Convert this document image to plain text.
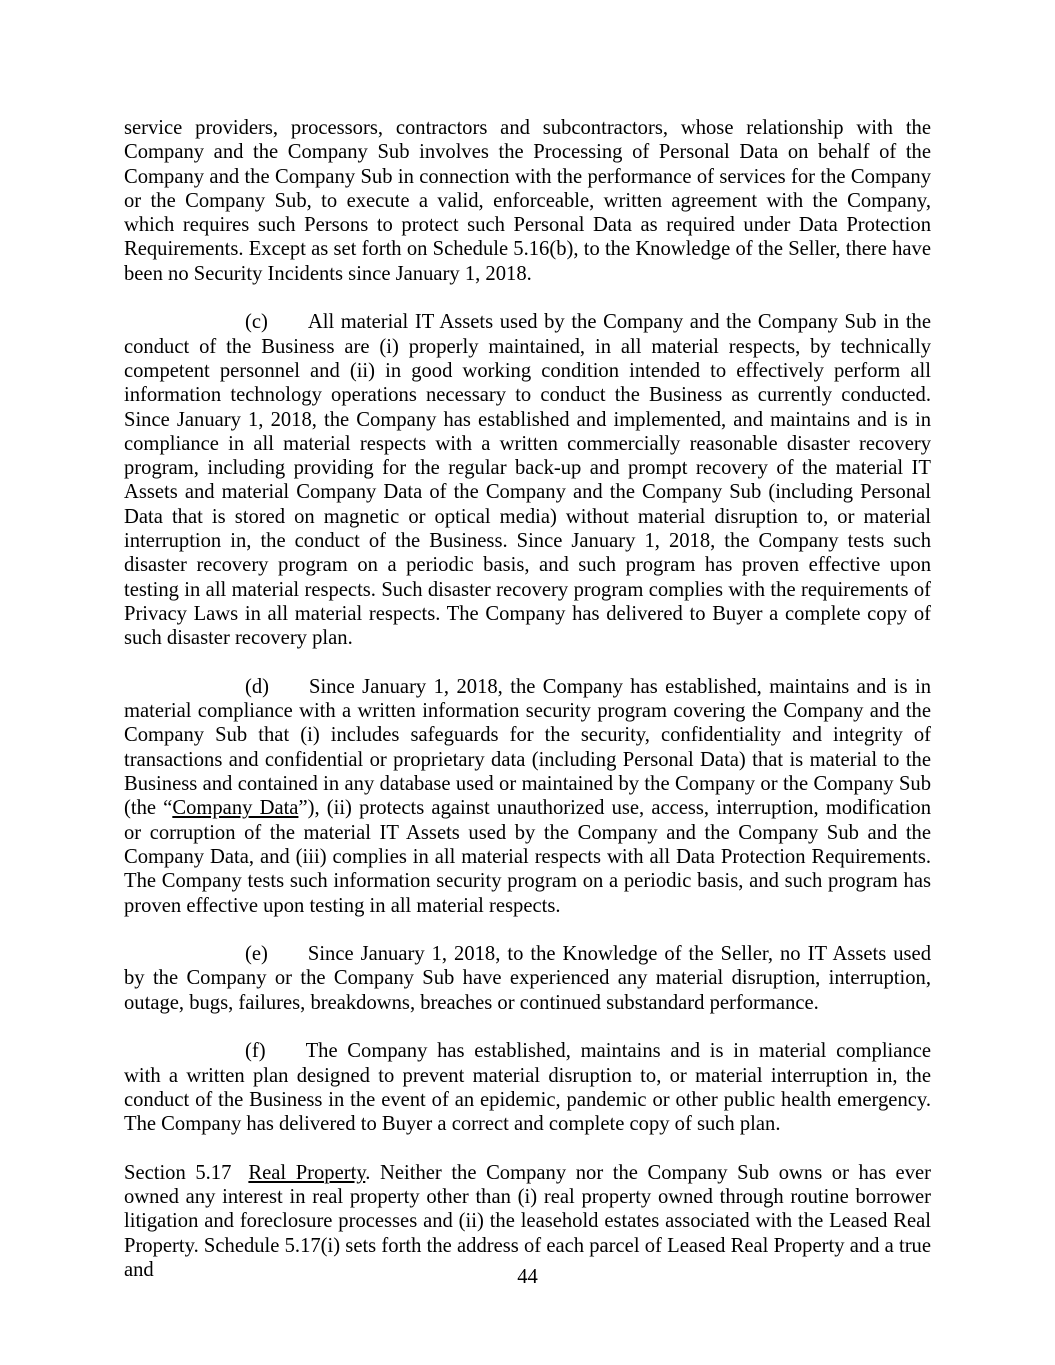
service providers, processors, contractors and subcontractors, whose relationship with the Company and the Company Sub involves the Processing of Personal Data on behalf of the Company and the Company Sub in connection with the performance of services for the Company or the Company Sub, to execute a valid, enforceable, written agreement with the Company, which requires such Persons to protect such Personal Data as required under Data Protection Requirements. Except as set forth on Schedule 5.16(b), to the Knowledge of the Seller, there have been no Security Incidents since January 1, 2018.

(c) All material IT Assets used by the Company and the Company Sub in the conduct of the Business are (i) properly maintained, in all material respects, by technically competent personnel and (ii) in good working condition intended to effectively perform all information technology operations necessary to conduct the Business as currently conducted. Since January 1, 2018, the Company has established and implemented, and maintains and is in compliance in all material respects with a written commercially reasonable disaster recovery program, including providing for the regular back-up and prompt recovery of the material IT Assets and material Company Data of the Company and the Company Sub (including Personal Data that is stored on magnetic or optical media) without material disruption to, or material interruption in, the conduct of the Business. Since January 1, 2018, the Company tests such disaster recovery program on a periodic basis, and such program has proven effective upon testing in all material respects. Such disaster recovery program complies with the requirements of Privacy Laws in all material respects. The Company has delivered to Buyer a complete copy of such disaster recovery plan.

(d) Since January 1, 2018, the Company has established, maintains and is in material compliance with a written information security program covering the Company and the Company Sub that (i) includes safeguards for the security, confidentiality and integrity of transactions and confidential or proprietary data (including Personal Data) that is material to the Business and contained in any database used or maintained by the Company or the Company Sub (the “Company Data”), (ii) protects against unauthorized use, access, interruption, modification or corruption of the material IT Assets used by the Company and the Company Sub and the Company Data, and (iii) complies in all material respects with all Data Protection Requirements. The Company tests such information security program on a periodic basis, and such program has proven effective upon testing in all material respects.

(e) Since January 1, 2018, to the Knowledge of the Seller, no IT Assets used by the Company or the Company Sub have experienced any material disruption, interruption, outage, bugs, failures, breakdowns, breaches or continued substandard performance.

(f) The Company has established, maintains and is in material compliance with a written plan designed to prevent material disruption to, or material interruption in, the conduct of the Business in the event of an epidemic, pandemic or other public health emergency. The Company has delivered to Buyer a correct and complete copy of such plan.

Section 5.17 Real Property. Neither the Company nor the Company Sub owns or has ever owned any interest in real property other than (i) real property owned through routine borrower litigation and foreclosure processes and (ii) the leasehold estates associated with the Leased Real Property. Schedule 5.17(i) sets forth the address of each parcel of Leased Real Property and a true and	44
